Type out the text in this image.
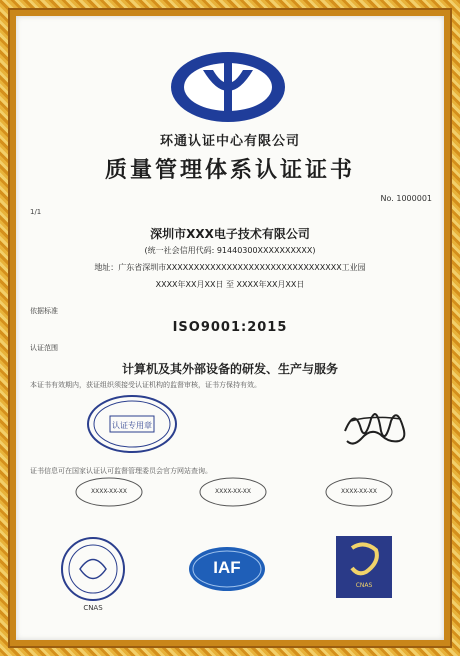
环通认证中心有限公司
质量管理体系认证证书
No. 1000001
1/1
深圳市XXX电子技术有限公司
(统一社会信用代码: 91440300XXXXXXXXXX)
地址：广东省深圳市XXXXXXXXXXXXXXXXXXXXXXXXXXXXXXXX工业园
XXXX年XX月XX日 至 XXXX年XX月XX日
依据标准
ISO9001:2015
认证范围
计算机及其外部设备的研发、生产与服务
本证书有效期内，获证组织须接受认证机构的监督审核，证书方保持有效。
证书信息可在国家认证认可监督管理委员会官方网站查询。
认证专用章
XXXX-XX-XX	XXXX-XX-XX	XXXX-XX-XX
CNAS
IAF
CNAS
